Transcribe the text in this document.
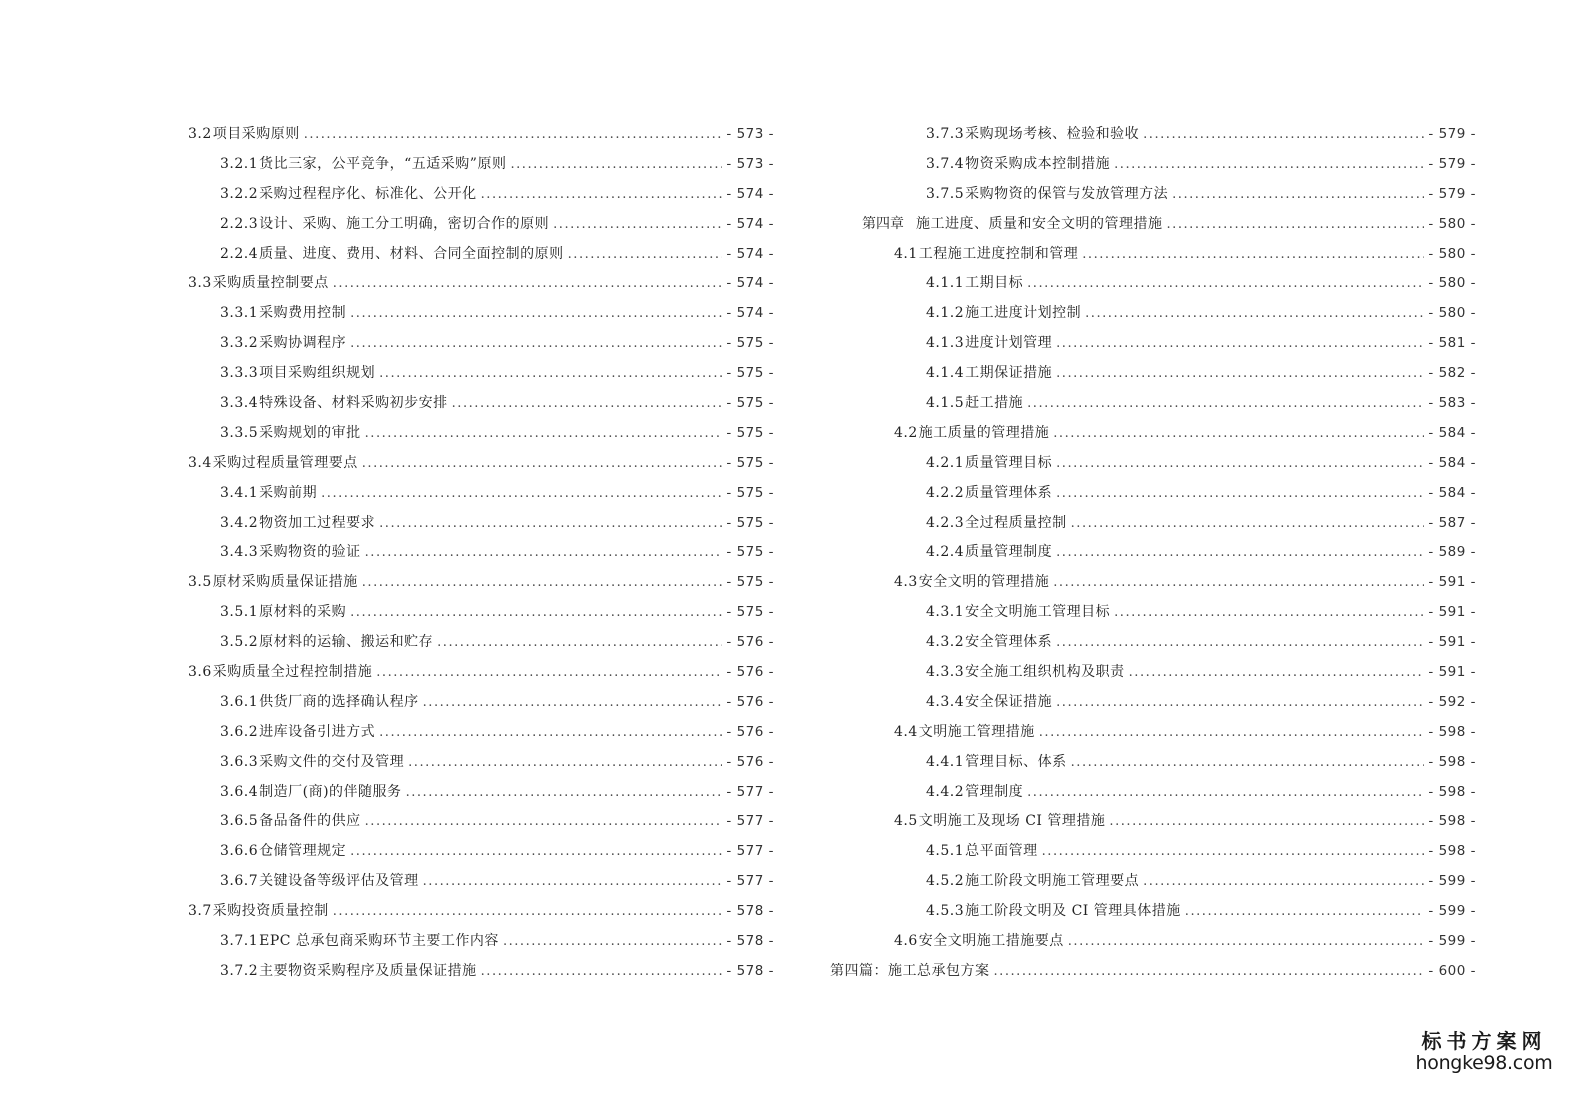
3.2 项目采购原则 . . .	- 573 -
3.2.1 货比三家，公平竞争，“五适采购”原则 . . .	- 573 -
3.2.2 采购过程程序化、标准化、公开化 . . .	- 574 -
2.2.3 设计、采购、施工分工明确，密切合作的原则 . . .	- 574 -
2.2.4 质量、进度、费用、材料、合同全面控制的原则 . . .	- 574 -
3.3 采购质量控制要点 . . .	- 574 -
3.3.1 采购费用控制 . . .	- 574 -
3.3.2 采购协调程序 . . .	- 575 -
3.3.3 项目采购组织规划 . . .	- 575 -
3.3.4 特殊设备、材料采购初步安排 . . .	- 575 -
3.3.5 采购规划的审批 . . .	- 575 -
3.4 采购过程质量管理要点 . . .	- 575 -
3.4.1 采购前期 . . .	- 575 -
3.4.2 物资加工过程要求 . . .	- 575 -
3.4.3 采购物资的验证 . . .	- 575 -
3.5 原材采购质量保证措施 . . .	- 575 -
3.5.1 原材料的采购 . . .	- 575 -
3.5.2 原材料的运输、搬运和贮存 . . .	- 576 -
3.6 采购质量全过程控制措施 . . .	- 576 -
3.6.1 供货厂商的选择确认程序 . . .	- 576 -
3.6.2 进库设备引进方式 . . .	- 576 -
3.6.3 采购文件的交付及管理 . . .	- 576 -
3.6.4 制造厂(商)的伴随服务 . . .	- 577 -
3.6.5 备品备件的供应 . . .	- 577 -
3.6.6 仓储管理规定 . . .	- 577 -
3.6.7 关键设备等级评估及管理 . . .	- 577 -
3.7 采购投资质量控制 . . .	- 578 -
3.7.1 EPC 总承包商采购环节主要工作内容 . . .	- 578 -
3.7.2 主要物资采购程序及质量保证措施 . . .	- 578 -
3.7.3 采购现场考核、检验和验收 . . .	- 579 -
3.7.4 物资采购成本控制措施 . . .	- 579 -
3.7.5 采购物资的保管与发放管理方法 . . .	- 579 -
第四章 施工进度、质量和安全文明的管理措施 . . .	- 580 -
4.1 工程施工进度控制和管理 . . .	- 580 -
4.1.1 工期目标 . . .	- 580 -
4.1.2 施工进度计划控制 . . .	- 580 -
4.1.3 进度计划管理 . . .	- 581 -
4.1.4 工期保证措施 . . .	- 582 -
4.1.5 赶工措施 . . .	- 583 -
4.2 施工质量的管理措施 . . .	- 584 -
4.2.1 质量管理目标 . . .	- 584 -
4.2.2 质量管理体系 . . .	- 584 -
4.2.3 全过程质量控制 . . .	- 587 -
4.2.4 质量管理制度 . . .	- 589 -
4.3 安全文明的管理措施 . . .	- 591 -
4.3.1 安全文明施工管理目标 . . .	- 591 -
4.3.2 安全管理体系 . . .	- 591 -
4.3.3 安全施工组织机构及职责 . . .	- 591 -
4.3.4 安全保证措施 . . .	- 592 -
4.4 文明施工管理措施 . . .	- 598 -
4.4.1 管理目标、体系 . . .	- 598 -
4.4.2 管理制度 . . .	- 598 -
4.5 文明施工及现场 CI 管理措施 . . .	- 598 -
4.5.1 总平面管理 . . .	- 598 -
4.5.2 施工阶段文明施工管理要点 . . .	- 599 -
4.5.3 施工阶段文明及 CI 管理具体措施 . . .	- 599 -
4.6 安全文明施工措施要点 . . .	- 599 -
第四篇：施工总承包方案 . . .	- 600 -
标书方案网
hongke98.com
